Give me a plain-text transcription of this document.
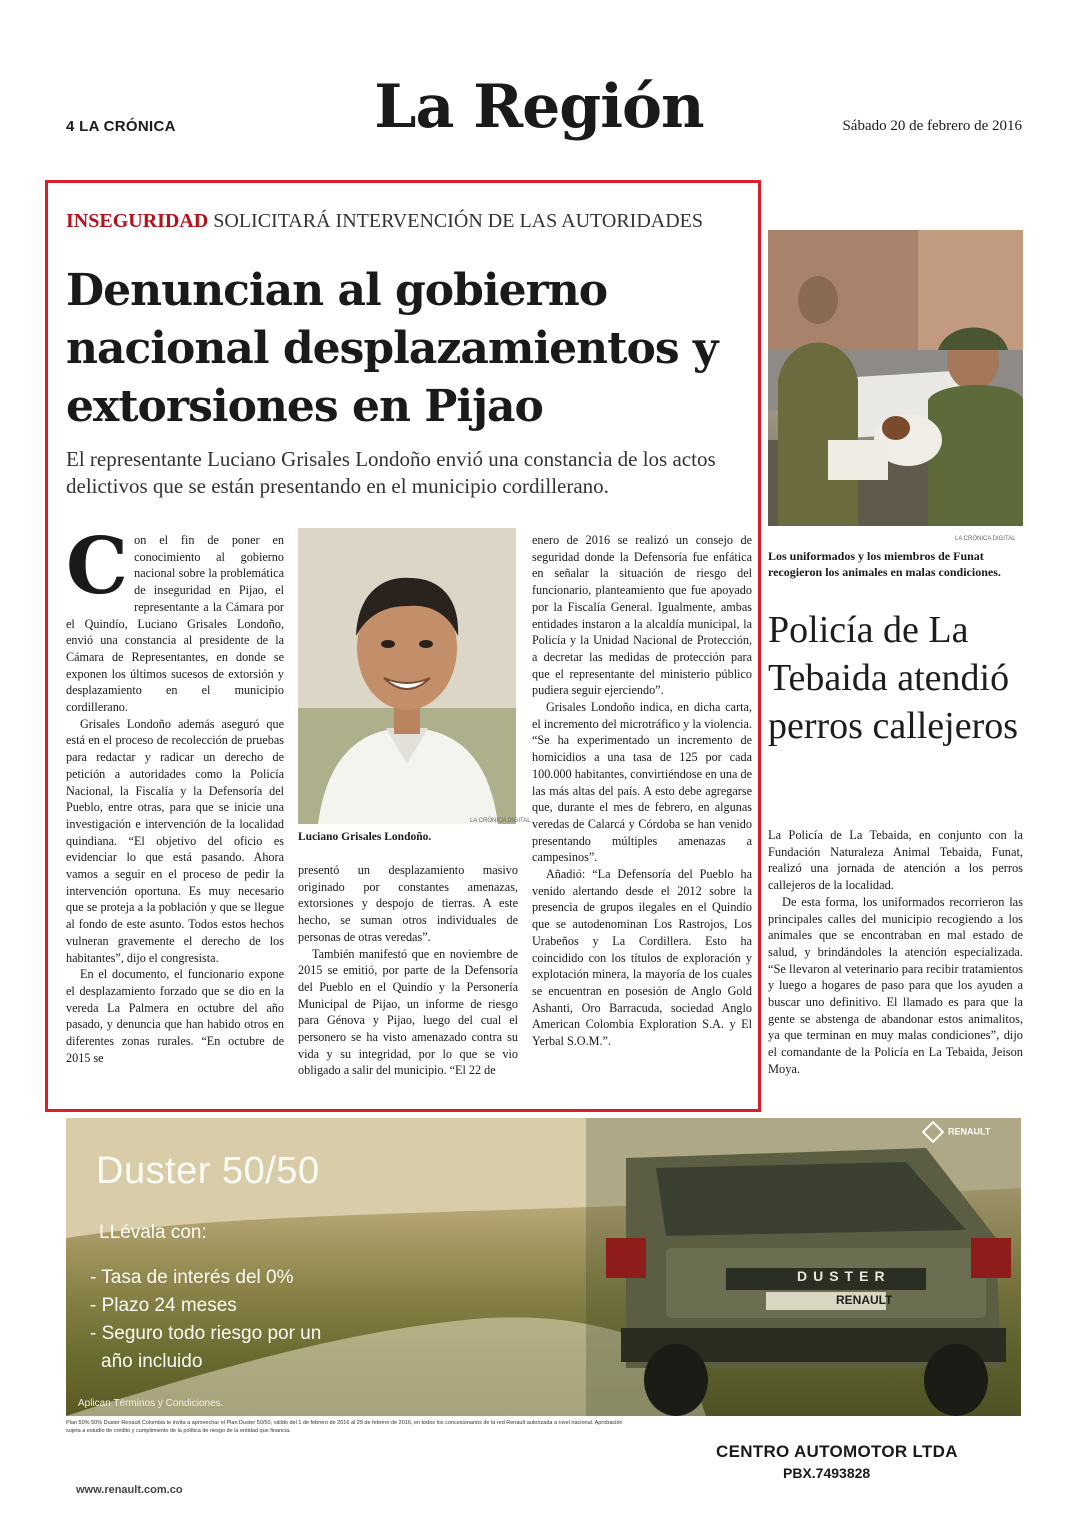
4 LA CRÓNICA	La Región	Sábado 20 de febrero de 2016
INSEGURIDAD SOLICITARÁ INTERVENCIÓN DE LAS AUTORIDADES
Denuncian al gobierno nacional desplazamientos y extorsiones en Pijao
El representante Luciano Grisales Londoño envió una constancia de los actos delictivos que se están presentando en el municipio cordillerano.
C on el fin de poner en conocimiento al gobierno nacional sobre la problemática de inseguridad en Pijao, el representante a la Cámara por el Quindío, Luciano Grisales Londoño, envió una constancia al presidente de la Cámara de Representantes, en donde se exponen los últimos sucesos de extorsión y desplazamiento en el municipio cordillerano.

Grisales Londoño además aseguró que está en el proceso de recolección de pruebas para redactar y radicar un derecho de petición a autoridades como la Policía Nacional, la Fiscalía y la Defensoría del Pueblo, entre otras, para que se inicie una investigación e intervención de la localidad quindiana. “El objetivo del oficio es evidenciar lo que está pasando. Ahora vamos a seguir en el proceso de pedir la intervención oportuna. Es muy necesario que se proteja a la población y que se llegue al fondo de este asunto. Todos estos hechos vulneran gravemente el derecho de los habitantes”, dijo el congresista.

En el documento, el funcionario expone el desplazamiento forzado que se dio en la vereda La Palmera en octubre del año pasado, y denuncia que han habido otros en diferentes zonas rurales. “En octubre de 2015 se

LA CRÓNICA DIGITAL
Luciano Grisales Londoño.

presentó un desplazamiento masivo originado por constantes amenazas, extorsiones y despojo de tierras. A este hecho, se suman otros individuales de personas de otras veredas”.

También manifestó que en noviembre de 2015 se emitió, por parte de la Defensoría del Pueblo en el Quindío y la Personería Municipal de Pijao, un informe de riesgo para Génova y Pijao, luego del cual el personero se ha visto amenazado contra su vida y su integridad, por lo que se vio obligado a salir del municipio. “El 22 de

enero de 2016 se realizó un consejo de seguridad donde la Defensoría fue enfática en señalar la situación de riesgo del funcionario, planteamiento que fue apoyado por la Fiscalía General. Igualmente, ambas entidades instaron a la alcaldía municipal, la Policía y la Unidad Nacional de Protección, a decretar las medidas de protección para que el representante del ministerio público pudiera seguir ejerciendo”.

Grisales Londoño indica, en dicha carta, el incremento del microtráfico y la violencia. “Se ha experimentado un incremento de homicidios a una tasa de 125 por cada 100.000 habitantes, convirtiéndose en una de las más altas del país. A esto debe agregarse que, durante el mes de febrero, en algunas veredas de Calarcá y Córdoba se han venido presentando múltiples amenazas a campesinos”.

Añadió: “La Defensoría del Pueblo ha venido alertando desde el 2012 sobre la presencia de grupos ilegales en el Quindío que se autodenominan Los Rastrojos, Los Urabeños y La Cordillera. Esto ha coincidido con los títulos de exploración y explotación minera, la mayoría de los cuales se encuentran en posesión de Anglo Gold Ashanti, Oro Barracuda, sociedad Anglo American Colombia Exploration S.A. y El Yerbal S.O.M.”.

LA CRÓNICA DIGITAL
Los uniformados y los miembros de Funat recogieron los animales en malas condiciones.
Policía de La Tebaida atendió perros callejeros

La Policía de La Tebaida, en conjunto con la Fundación Naturaleza Animal Tebaida, Funat, realizó una jornada de atención a los perros callejeros de la localidad.

De esta forma, los uniformados recorrieron las principales calles del municipio recogiendo a los animales que se encontraban en mal estado de salud, y brindándoles la atención especializada. “Se llevaron al veterinario para recibir tratamientos y luego a hogares de paso para que los ayuden a buscar uno definitivo. El llamado es para que la gente se abstenga de abandonar estos animalitos, ya que terminan en muy malas condiciones”, dijo el comandante de la Policía en La Tebaida, Jeison Moya.

DUSTER
RENAULT
RENAULT
Duster 50/50
LLévala con:
- Tasa de interés del 0%
- Plazo 24 meses
- Seguro todo riesgo por un
año incluido
Aplican Términos y Condiciones.
Plan 50% 50% Duster Renault Colombia te invita a aprovechar el Plan Duster 50/50, válido del 1 de febrero de 2016 al 29 de febrero de 2016, en todos los concesionarios de la red Renault autorizada a nivel nacional. Aprobación sujeta a estudio de crédito y cumplimiento de la política de riesgo de la entidad que financia.
www.renault.com.co
CENTRO AUTOMOTOR LTDA
PBX.7493828
